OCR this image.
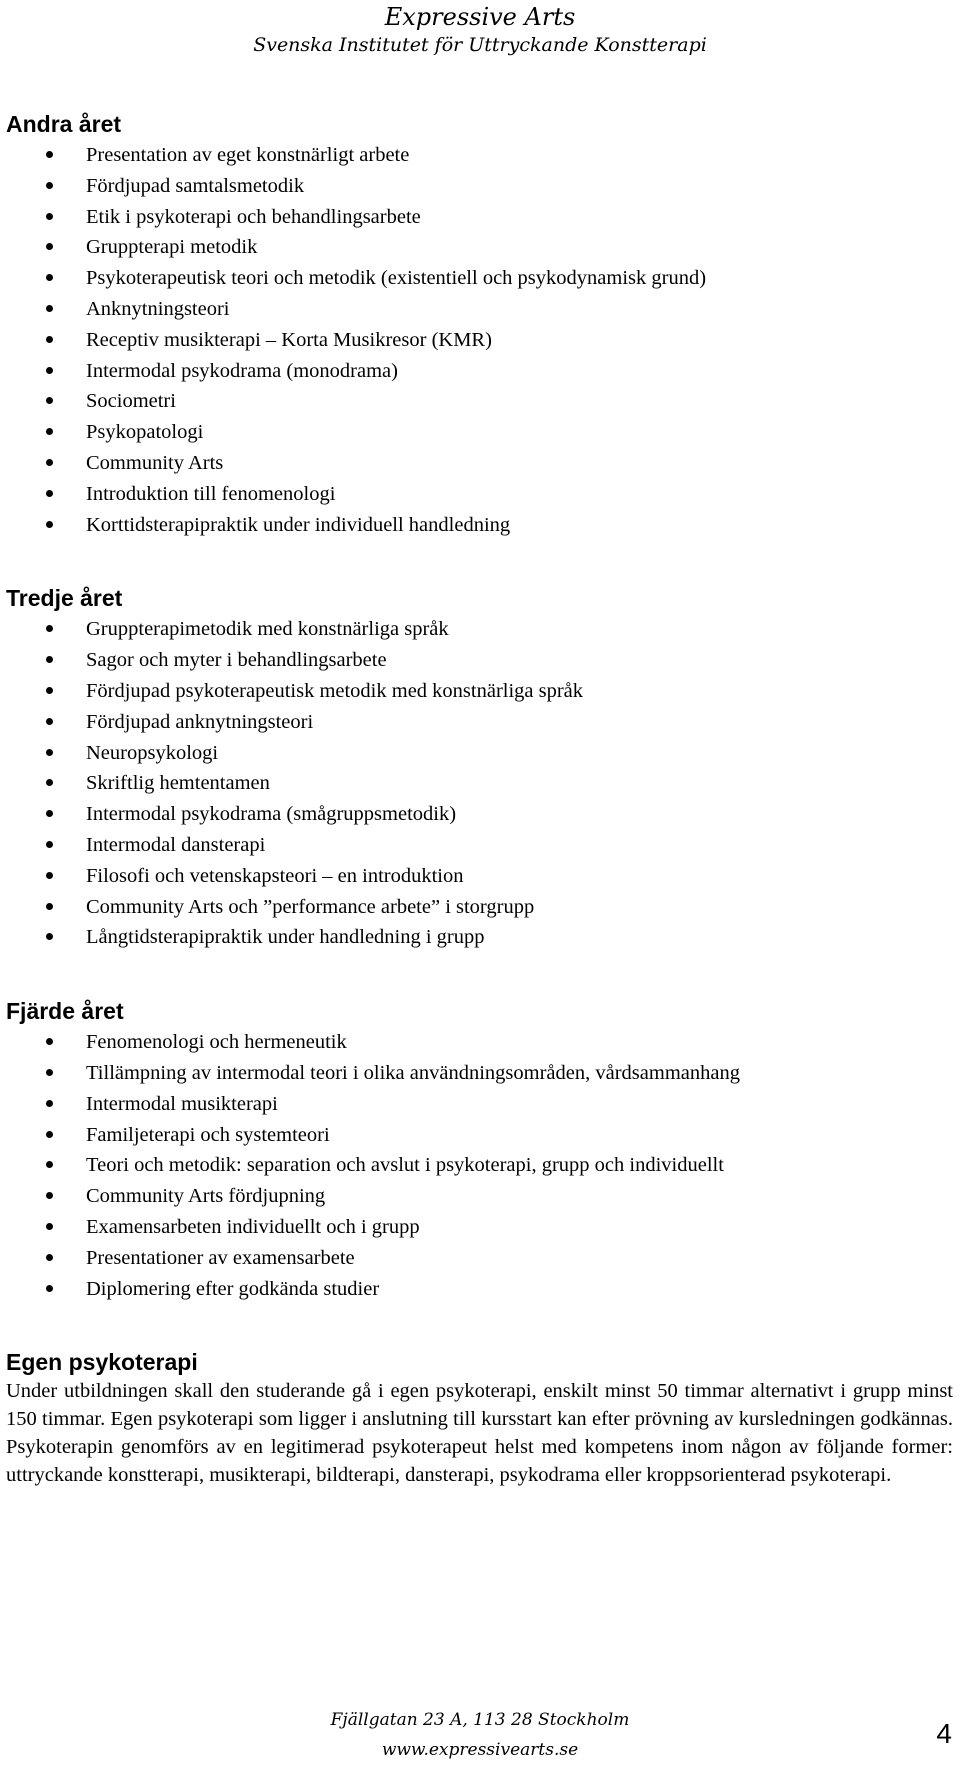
Expressive Arts
Svenska Institutet för Uttryckande Konstterapi
Andra året
Presentation av eget konstnärligt arbete
Fördjupad samtalsmetodik
Etik i psykoterapi och behandlingsarbete
Gruppterapi metodik
Psykoterapeutisk teori och metodik (existentiell och psykodynamisk grund)
Anknytningsteori
Receptiv musikterapi – Korta Musikresor (KMR)
Intermodal psykodrama (monodrama)
Sociometri
Psykopatologi
Community Arts
Introduktion till fenomenologi
Korttidsterapipraktik under individuell handledning
Tredje året
Gruppterapimetodik med konstnärliga språk
Sagor och myter i behandlingsarbete
Fördjupad psykoterapeutisk metodik med konstnärliga språk
Fördjupad anknytningsteori
Neuropsykologi
Skriftlig hemtentamen
Intermodal psykodrama (smågruppsmetodik)
Intermodal dansterapi
Filosofi och vetenskapsteori – en introduktion
Community Arts och ”performance arbete” i storgrupp
Långtidsterapipraktik under handledning i grupp
Fjärde året
Fenomenologi och hermeneutik
Tillämpning av intermodal teori i olika användningsområden, vårdsammanhang
Intermodal musikterapi
Familjeterapi och systemteori
Teori och metodik: separation och avslut i psykoterapi, grupp och individuellt
Community Arts fördjupning
Examensarbeten individuellt och i grupp
Presentationer av examensarbete
Diplomering efter godkända studier
Egen psykoterapi

Under utbildningen skall den studerande gå i egen psykoterapi, enskilt minst 50 timmar alternativt i grupp minst 150 timmar. Egen psykoterapi som ligger i anslutning till kursstart kan efter prövning av kursledningen godkännas. Psykoterapin genomförs av en legitimerad psykoterapeut helst med kompetens inom någon av följande former: uttryckande konstterapi, musikterapi, bildterapi, dansterapi, psykodrama eller kroppsorienterad psykoterapi.

Fjällgatan 23 A, 113 28 Stockholm
www.expressivearts.se
4
